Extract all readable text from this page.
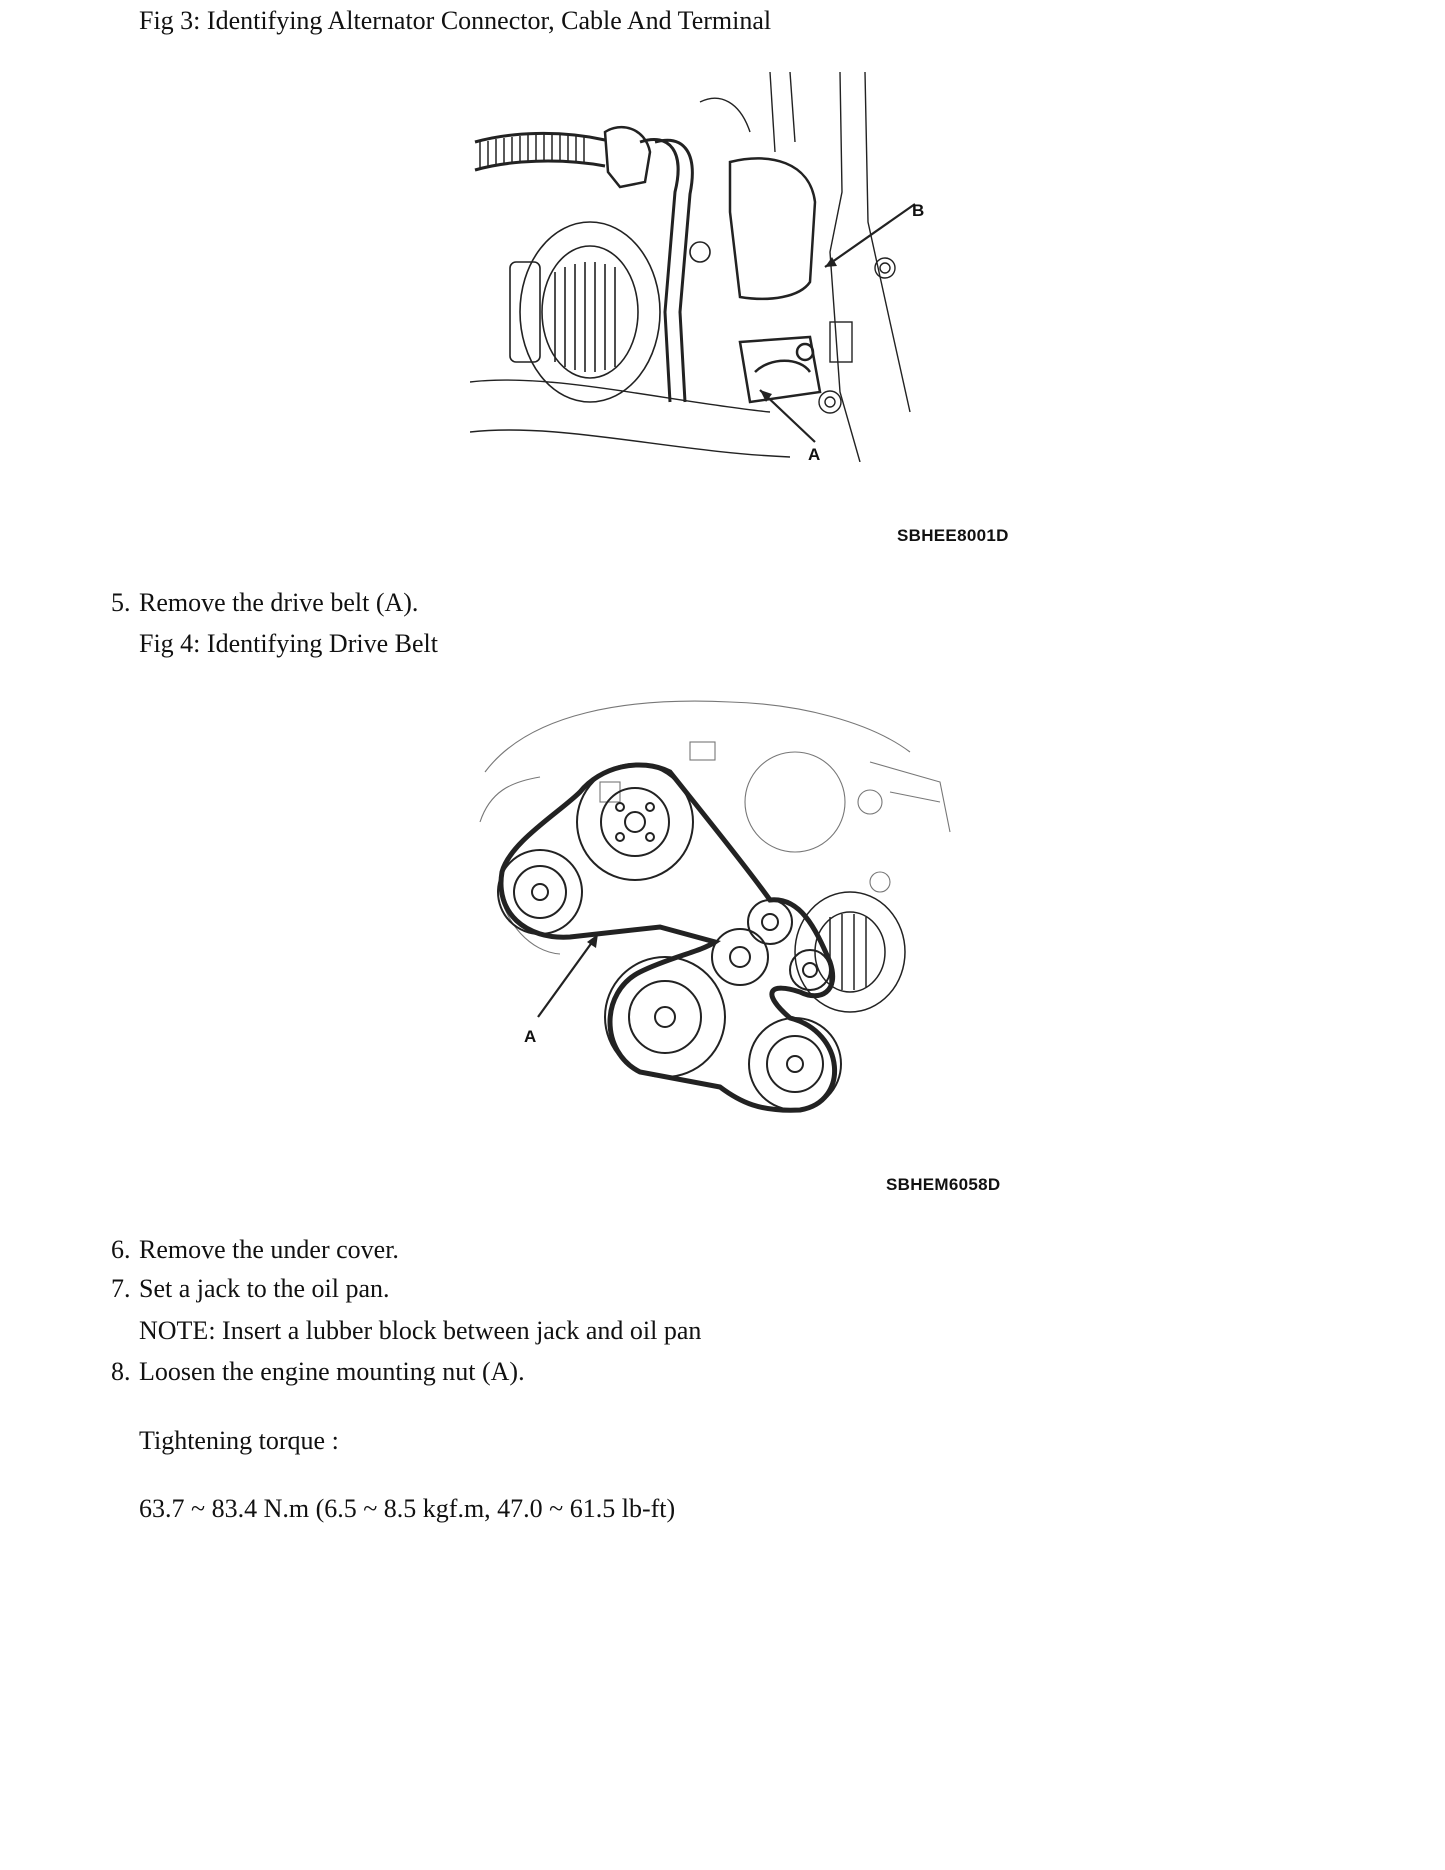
Fig 3: Identifying Alternator Connector, Cable And Terminal
B
A
SBHEE8001D
5. Remove the drive belt (A).
Fig 4: Identifying Drive Belt
A
SBHEM6058D
6. Remove the under cover.
7. Set a jack to the oil pan.
NOTE: Insert a lubber block between jack and oil pan
8. Loosen the engine mounting nut (A).
Tightening torque :
63.7 ~ 83.4 N.m (6.5 ~ 8.5 kgf.m, 47.0 ~ 61.5 lb-ft)
